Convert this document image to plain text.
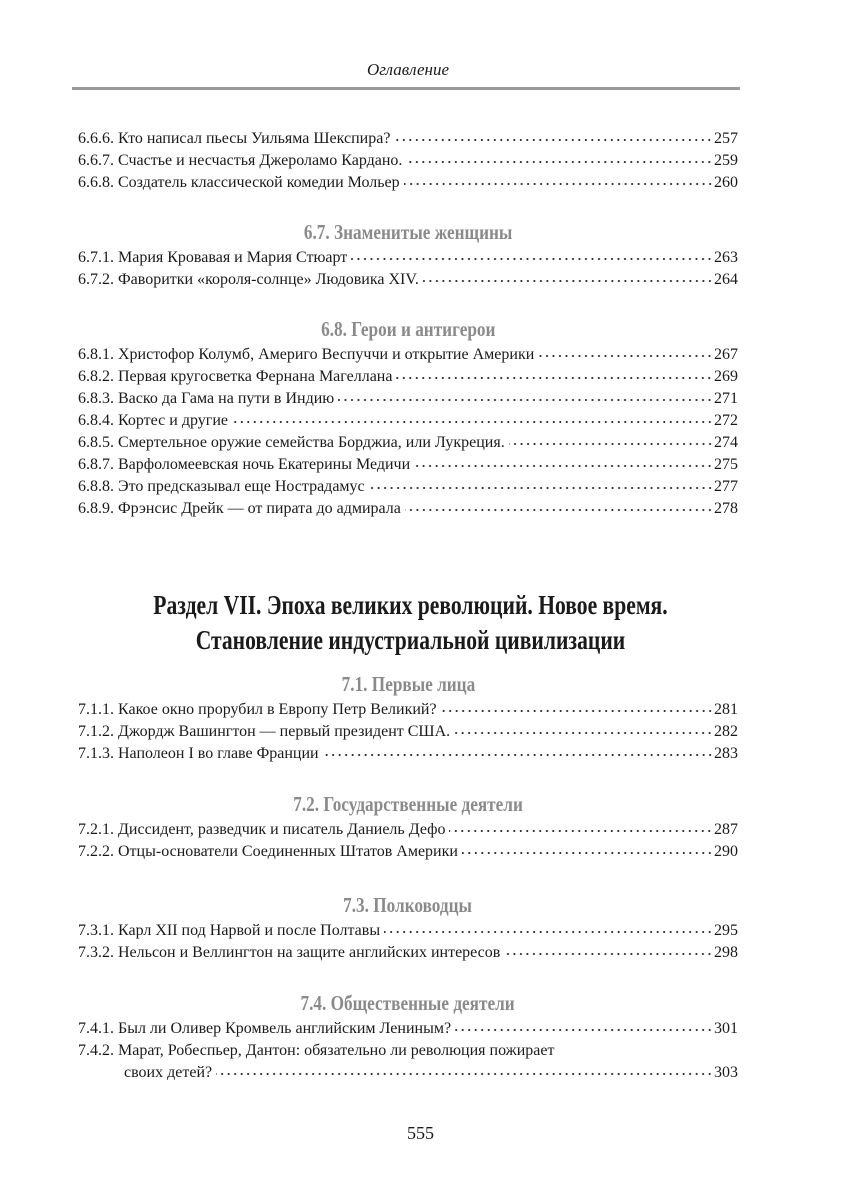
Оглавление
6.6.6. Кто написал пьесы Уильяма Шекспира?	257
6.6.7. Счастье и несчастья Джероламо Кардано.	259
6.6.8. Создатель классической комедии Мольер	260
6.7. Знаменитые женщины
6.7.1. Мария Кровавая и Мария Стюарт	263
6.7.2. Фаворитки «короля-солнце» Людовика XIV.	264
6.8. Герои и антигерои
6.8.1. Христофор Колумб, Америго Веспуччи и открытие Америки	267
6.8.2. Первая кругосветка Фернана Магеллана	269
6.8.3. Васко да Гама на пути в Индию	271
6.8.4. Кортес и другие	272
6.8.5. Смертельное оружие семейства Борджиа, или Лукреция.	274
6.8.7. Варфоломеевская ночь Екатерины Медичи	275
6.8.8. Это предсказывал еще Нострадамус	277
6.8.9. Фрэнсис Дрейк — от пирата до адмирала	278
Раздел VII. Эпоха великих революций. Новое время.
Становление индустриальной цивилизации
7.1. Первые лица
7.1.1. Какое окно прорубил в Европу Петр Великий?	281
7.1.2. Джордж Вашингтон — первый президент США.	282
7.1.3. Наполеон I во главе Франции	283
7.2. Государственные деятели
7.2.1. Диссидент, разведчик и писатель Даниель Дефо	287
7.2.2. Отцы-основатели Соединенных Штатов Америки	290
7.3. Полководцы
7.3.1. Карл XII под Нарвой и после Полтавы	295
7.3.2. Нельсон и Веллингтон на защите английских интересов	298
7.4. Общественные деятели
7.4.1. Был ли Оливер Кромвель английским Лениным?	301
7.4.2. Марат, Робеспьер, Дантон: обязательно ли революция пожирает
своих детей?	303
555
